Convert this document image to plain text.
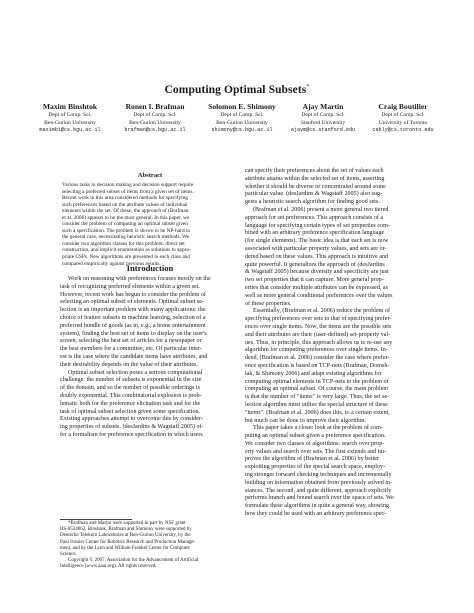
Computing Optimal Subsets*
Maxim Binshtok
Dept of Comp. Sci.
Ben-Gurion University
maximbi@cs.bgu.ac.il
Ronen I. Brafman
Dept of Comp. Sci.
Ben-Gurion University
brafman@cs.bgu.ac.il
Solomon E. Shimony
Dept of Comp. Sci.
Ben-Gurion University
shimony@cs.bgu.ac.il
Ajay Martin
Dept of Comp. Sci.
Stanford University
ajaym@cs.stanford.edu
Craig Boutilier
Dept of Comp. Sci.
University of Toronto
cebly@cs.toronto.edu
Abstract

Various tasks in decision making and decision support require

selecting a preferred subset of items from a given set of items.

Recent work in this area considered methods for specifying

such preferences based on the attribute values of individual

elements within the set. Of these, the approach of (Brafman

et al. 2006) appears to be the most general. In this paper, we

consider the problem of computing an optimal subset given

such a specification. The problem is shown to be NP-hard in

the general case, necessitating heuristic search methods. We

consider two algorithm classes for this problem: direct set

construction, and implicit enumeration as solutions to appro-

priate CSPs. New algorithms are presented in each class and

compared empirically against previous results.

Introduction

Work on reasoning with preferences focuses mostly on the

task of recognizing preferred elements within a given set.

However, recent work has begun to consider the problem of

selecting an optimal subset of elements. Optimal subset se-

lection is an important problem with many applications: the

choice of feature subsets in machine learning, selection of a

preferred bundle of goods (as in, e.g., a home entertainment

system), finding the best set of items to display on the user's

screen, selecting the best set of articles for a newspaper or

the best members for a committee, etc. Of particular inter-

est is the case where the candidate items have attributes, and

their desirability depends on the value of their attributes.

Optimal subset selection poses a serious computational

challenge: the number of subsets is exponential in the size

of the domain, and so the number of possible orderings is

doubly exponential. This combinatorial explosion is prob-

lematic both for the preference elicitation task and for the

task of optimal subset selection given some specification.

Existing approaches attempt to overcome this by consider-

ing properties of subsets. (desJardins & Wagstaff 2005) of-

fer a formalism for preference specification in which users

*Brafman and Martin were supported in part by NSF grant

IIS-0534662, Binshtok, Brafman and Shimony were supported by

Deutsche Telekom Laboratories at Ben-Gurion University, by the

Paul Ivanier Center for Robotics Research and Production Manage-

ment, and by the Lynn and William Frankel Center for Computer

Science.

Copyright © 2007, Association for the Advancement of Artificial

Intelligence (www.aaai.org). All rights reserved.

can specify their preferences about the set of values each

attribute attains within the selected set of items, asserting

whether it should be diverse or concentrated around some

particular value. (desJardins & Wagstaff 2005) also sug-

gests a heuristic search algorithm for finding good sets.

(Brafman et al. 2006) present a more general two tiered

approach for set preferences. This approach consists of a

language for specifying certain types of set properties com-

bined with an arbitrary preference specification language

(for single elements). The basic idea is that each set is now

associated with particular property values, and sets are or-

dered based on these values. This approach is intuitive and

quite powerful. It generalizes the approach of (desJardins

& Wagstaff 2005) because diversity and specificity are just

two set properties that it can capture. More general prop-

erties that consider multiple attributes can be expressed, as

well as more general conditional preferences over the values

of these properties.

Essentially, (Brafman et al. 2006) reduce the problem of

specifying preferences over sets to that of specifying prefer-

ences over single items. Now, the items are the possible sets

and their attributes are their (user-defined) set-property val-

ues. Thus, in principle, this approach allows us to re-use any

algorithm for computing preferences over single items. In-

deed, (Brafman et al. 2006) consider the case where prefer-

ence specification is based on TCP-nets (Brafman, Domsh-

lak, & Shimony 2006) and adapt existing algorithms for

computing optimal elements in TCP-nets to the problem of

computing an optimal subset. Of course, the main problem

is that the number of "items" is very large. Thus, the set se-

lection algorithm must utilize the special structure of these

"items". (Brafman et al. 2006) does this, to a certain extent,

but much can be done to improve their algorithm.

This paper takes a closer look at the problem of com-

puting an optimal subset given a preference specification.

We consider two classes of algorithms: search over prop-

erty values and search over sets. The first extends and im-

proves the algorithm of (Brafman et al. 2006) by better

exploiting properties of the special search space, employ-

ing stronger forward checking techniques and incrementally

building on information obtained from previously solved in-

stances. The second, and quite different, approach explicitly

performs branch and bound search over the space of sets. We

formulate these algorithms in quite a general way, showing

how they could be used with an arbitrary preference spec-
